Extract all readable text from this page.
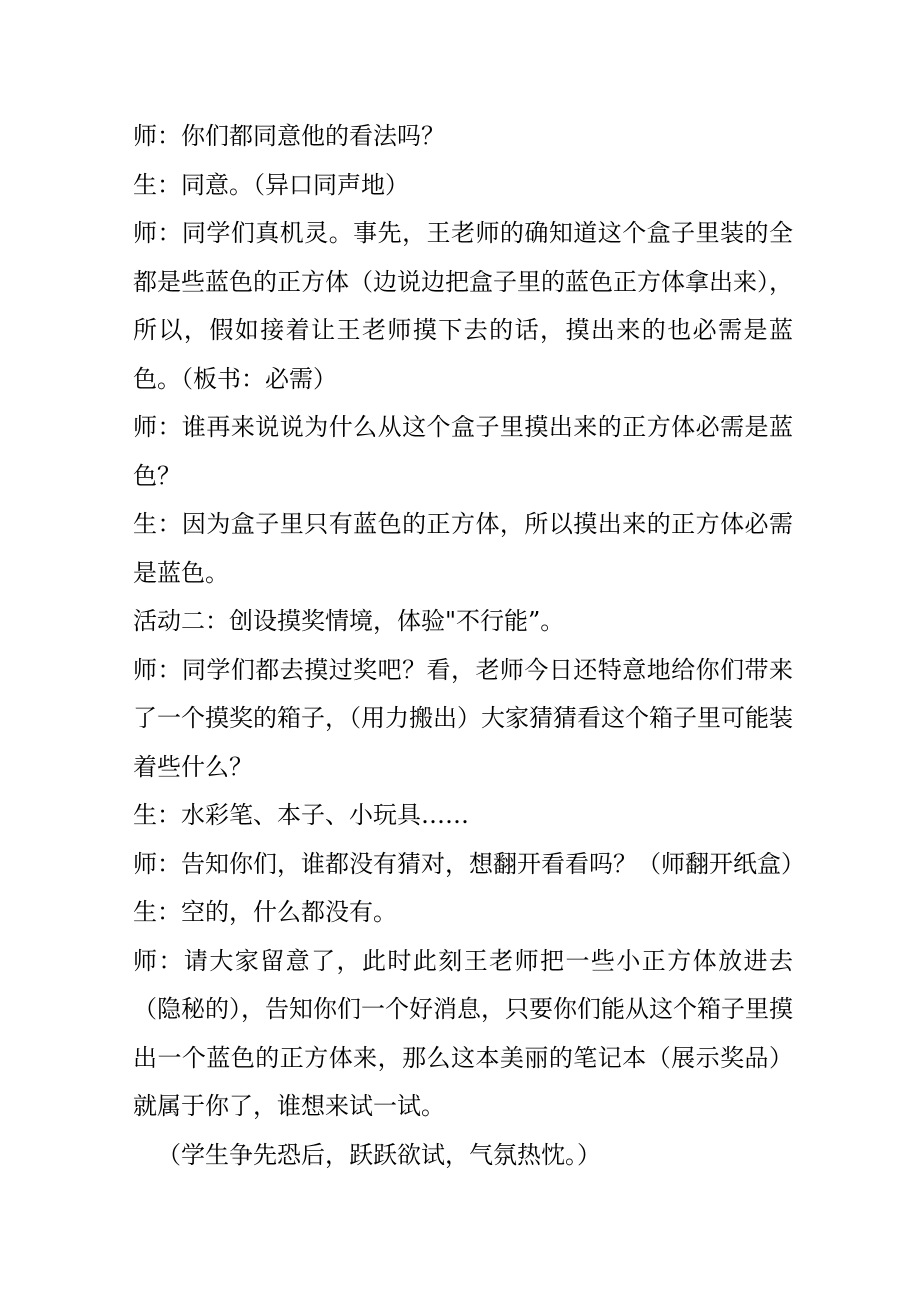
师：你们都同意他的看法吗？

生：同意。（异口同声地）

师：同学们真机灵。事先，王老师的确知道这个盒子里装的全都是些蓝色的正方体（边说边把盒子里的蓝色正方体拿出来），所以，假如接着让王老师摸下去的话，摸出来的也必需是蓝色。（板书：必需）

师：谁再来说说为什么从这个盒子里摸出来的正方体必需是蓝色？

生：因为盒子里只有蓝色的正方体，所以摸出来的正方体必需是蓝色。

活动二：创设摸奖情境，体验"不行能”。

师：同学们都去摸过奖吧？看，老师今日还特意地给你们带来了一个摸奖的箱子，（用力搬出）大家猜猜看这个箱子里可能装着些什么？

生：水彩笔、本子、小玩具……

师：告知你们，谁都没有猜对，想翻开看看吗？（师翻开纸盒）

生：空的，什么都没有。

师：请大家留意了，此时此刻王老师把一些小正方体放进去（隐秘的），告知你们一个好消息，只要你们能从这个箱子里摸出一个蓝色的正方体来，那么这本美丽的笔记本（展示奖品）就属于你了，谁想来试一试。

（学生争先恐后，跃跃欲试，气氛热忱。）
